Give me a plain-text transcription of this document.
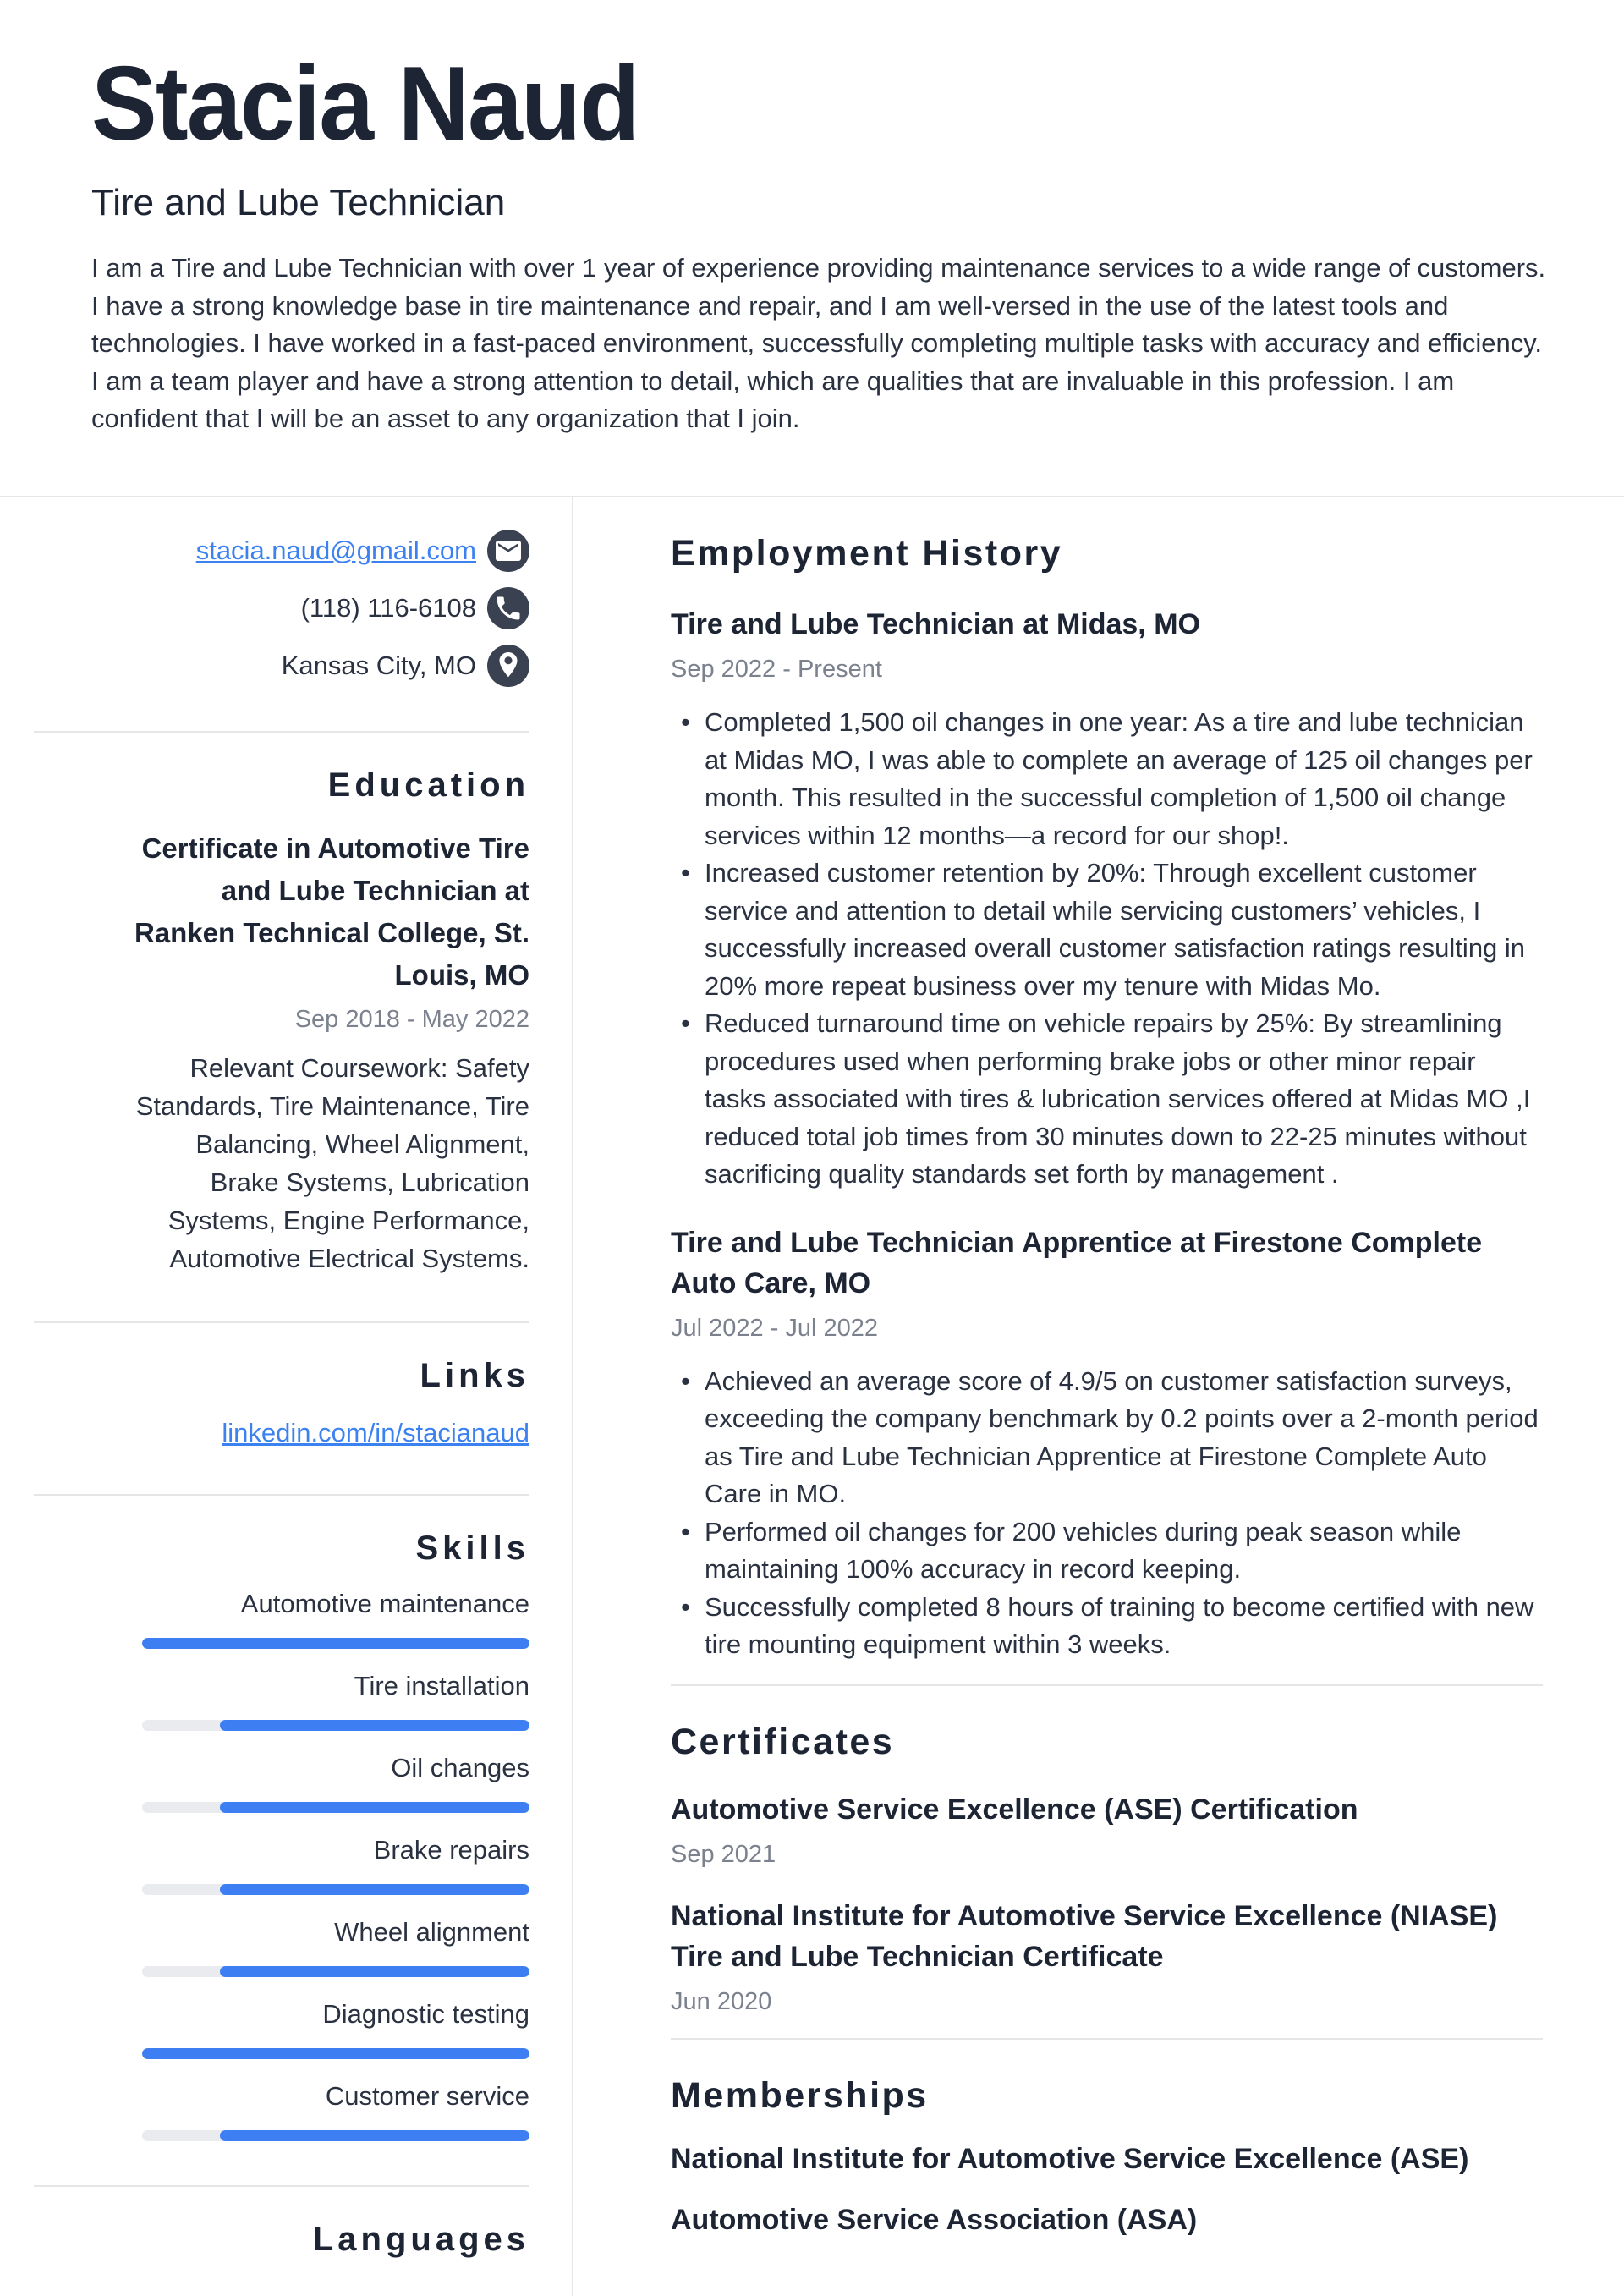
Stacia Naud
Tire and Lube Technician

I am a Tire and Lube Technician with over 1 year of experience providing maintenance services to a wide range of customers. I have a strong knowledge base in tire maintenance and repair, and I am well-versed in the use of the latest tools and technologies. I have worked in a fast-paced environment, successfully completing multiple tasks with accuracy and efficiency. I am a team player and have a strong attention to detail, which are qualities that are invaluable in this profession. I am confident that I will be an asset to any organization that I join.

stacia.naud@gmail.com
(118) 116-6108
Kansas City, MO
Education
Certificate in Automotive Tire and Lube Technician at Ranken Technical College, St. Louis, MO
Sep 2018 - May 2022
Relevant Coursework: Safety Standards, Tire Maintenance, Tire Balancing, Wheel Alignment, Brake Systems, Lubrication Systems, Engine Performance, Automotive Electrical Systems.
Links
linkedin.com/in/stacianaud
Skills
Automotive maintenance
Tire installation
Oil changes
Brake repairs
Wheel alignment
Diagnostic testing
Customer service
Languages
Employment History
Tire and Lube Technician at Midas, MO
Sep 2022 - Present
• Completed 1,500 oil changes in one year: As a tire and lube technician at Midas MO, I was able to complete an average of 125 oil changes per month. This resulted in the successful completion of 1,500 oil change services within 12 months—a record for our shop!.
• Increased customer retention by 20%: Through excellent customer service and attention to detail while servicing customers’ vehicles, I successfully increased overall customer satisfaction ratings resulting in 20% more repeat business over my tenure with Midas Mo.
• Reduced turnaround time on vehicle repairs by 25%: By streamlining procedures used when performing brake jobs or other minor repair tasks associated with tires & lubrication services offered at Midas MO ,I reduced total job times from 30 minutes down to 22-25 minutes without sacrificing quality standards set forth by management .
Tire and Lube Technician Apprentice at Firestone Complete Auto Care, MO
Jul 2022 - Jul 2022
• Achieved an average score of 4.9/5 on customer satisfaction surveys, exceeding the company benchmark by 0.2 points over a 2-month period as Tire and Lube Technician Apprentice at Firestone Complete Auto Care in MO.
• Performed oil changes for 200 vehicles during peak season while maintaining 100% accuracy in record keeping.
• Successfully completed 8 hours of training to become certified with new tire mounting equipment within 3 weeks.
Certificates
Automotive Service Excellence (ASE) Certification
Sep 2021
National Institute for Automotive Service Excellence (NIASE) Tire and Lube Technician Certificate
Jun 2020
Memberships
National Institute for Automotive Service Excellence (ASE)
Automotive Service Association (ASA)
